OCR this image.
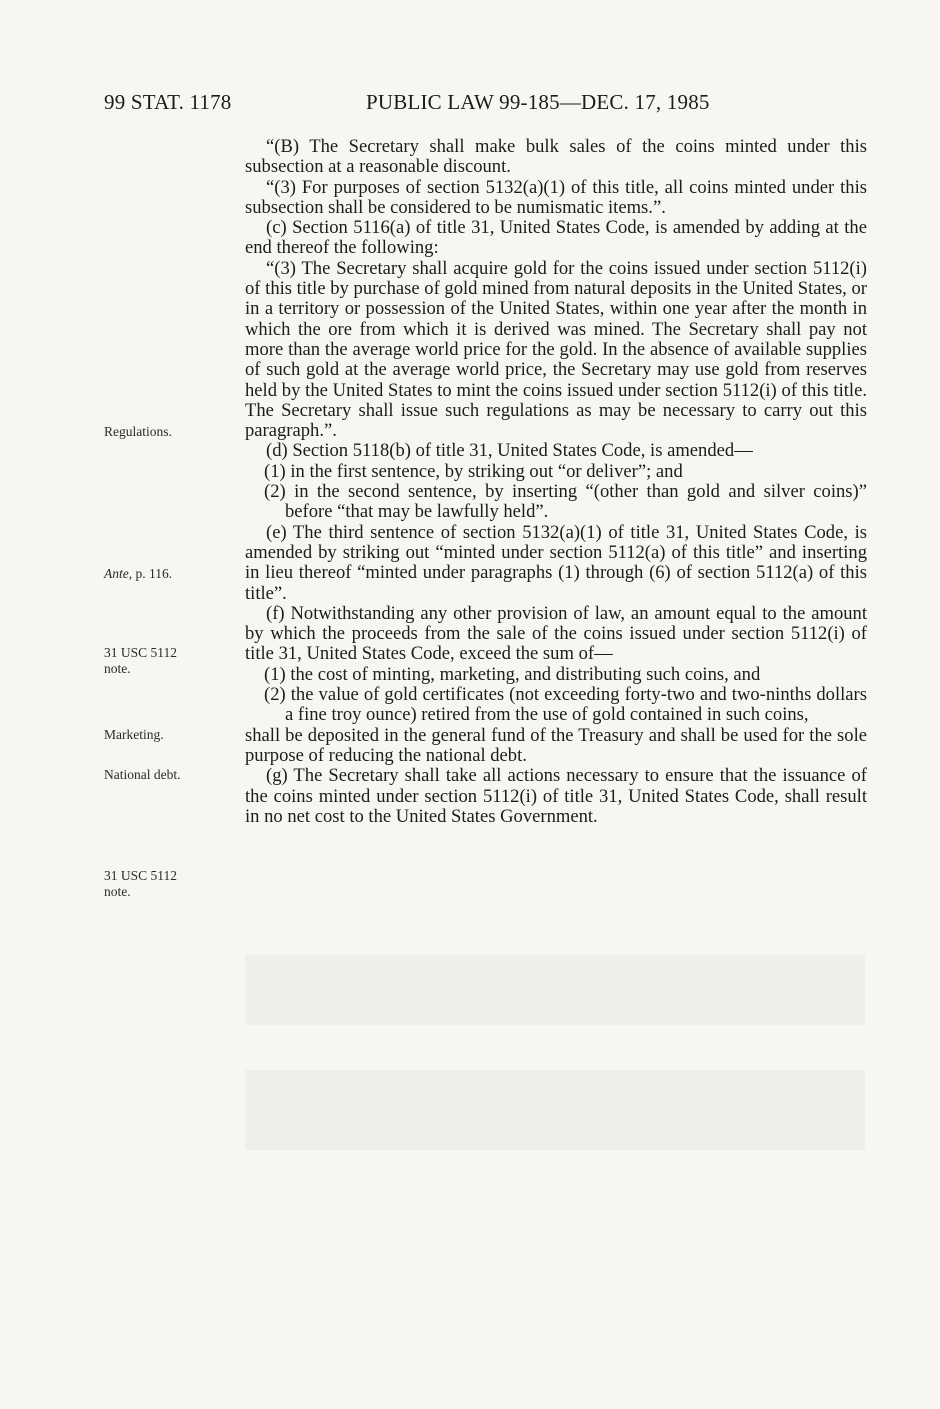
99 STAT. 1178	PUBLIC LAW 99-185—DEC. 17, 1985
Regulations.
Ante, p. 116.
31 USC 5112
note.
Marketing.
National debt.
31 USC 5112
note.

“(B) The Secretary shall make bulk sales of the coins minted under this subsection at a reasonable discount.

“(3) For purposes of section 5132(a)(1) of this title, all coins minted under this subsection shall be considered to be numismatic items.”.

(c) Section 5116(a) of title 31, United States Code, is amended by adding at the end thereof the following:

“(3) The Secretary shall acquire gold for the coins issued under section 5112(i) of this title by purchase of gold mined from natural deposits in the United States, or in a territory or possession of the United States, within one year after the month in which the ore from which it is derived was mined. The Secretary shall pay not more than the average world price for the gold. In the absence of available supplies of such gold at the average world price, the Secretary may use gold from reserves held by the United States to mint the coins issued under section 5112(i) of this title. The Secretary shall issue such regulations as may be necessary to carry out this paragraph.”.

(d) Section 5118(b) of title 31, United States Code, is amended—

(1) in the first sentence, by striking out “or deliver”; and

(2) in the second sentence, by inserting “(other than gold and silver coins)” before “that may be lawfully held”.

(e) The third sentence of section 5132(a)(1) of title 31, United States Code, is amended by striking out “minted under section 5112(a) of this title” and inserting in lieu thereof “minted under paragraphs (1) through (6) of section 5112(a) of this title”.

(f) Notwithstanding any other provision of law, an amount equal to the amount by which the proceeds from the sale of the coins issued under section 5112(i) of title 31, United States Code, exceed the sum of—

(1) the cost of minting, marketing, and distributing such coins, and

(2) the value of gold certificates (not exceeding forty-two and two-ninths dollars a fine troy ounce) retired from the use of gold contained in such coins,

shall be deposited in the general fund of the Treasury and shall be used for the sole purpose of reducing the national debt.

(g) The Secretary shall take all actions necessary to ensure that the issuance of the coins minted under section 5112(i) of title 31, United States Code, shall result in no net cost to the United States Government.
